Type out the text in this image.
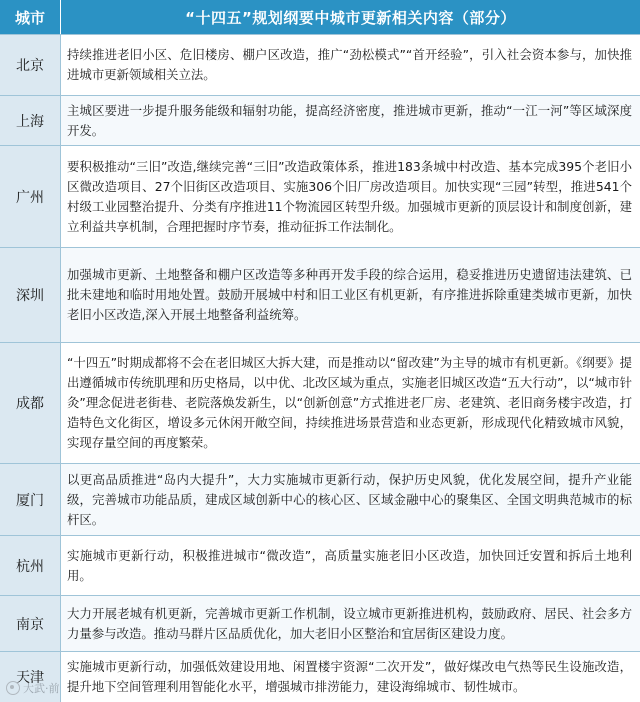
城市	“十四五”规划纲要中城市更新相关内容（部分）
北京
持续推进老旧小区、危旧楼房、棚户区改造，推广“劲松模式”“首开经验”，引入社会资本参与，加快推进城市更新领域相关立法。
上海
主城区要进一步提升服务能级和辐射功能，提高经济密度，推进城市更新，推动“一江一河”等区域深度开发。
广州
要积极推动“三旧”改造,继续完善“三旧”改造政策体系，推进183条城中村改造、基本完成395个老旧小区微改造项目、27个旧街区改造项目、实施306个旧厂房改造项目。加快实现“三园”转型，推进541个村级工业园整治提升、分类有序推进11个物流园区转型升级。加强城市更新的顶层设计和制度创新，建立利益共享机制，合理把握时序节奏，推动征拆工作法制化。
深圳
加强城市更新、土地整备和棚户区改造等多种再开发手段的综合运用，稳妥推进历史遗留违法建筑、已批未建地和临时用地处置。鼓励开展城中村和旧工业区有机更新，有序推进拆除重建类城市更新，加快老旧小区改造,深入开展土地整备利益统筹。
成都
“十四五”时期成都将不会在老旧城区大拆大建，而是推动以“留改建”为主导的城市有机更新。《纲要》提出遵循城市传统肌理和历史格局，以中优、北改区域为重点，实施老旧城区改造“五大行动”，以“城市针灸”理念促进老街巷、老院落焕发新生，以“创新创意”方式推进老厂房、老建筑、老旧商务楼宇改造，打造特色文化街区，增设多元休闲开敞空间，持续推进场景营造和业态更新，形成现代化精致城市风貌，实现存量空间的再度繁荣。
厦门
以更高品质推进“岛内大提升”，大力实施城市更新行动，保护历史风貌，优化发展空间，提升产业能级，完善城市功能品质，建成区域创新中心的核心区、区域金融中心的聚集区、全国文明典范城市的标杆区。
杭州
实施城市更新行动，积极推进城市“微改造”，高质量实施老旧小区改造，加快回迁安置和拆后土地利用。
南京
大力开展老城有机更新，完善城市更新工作机制，设立城市更新推进机构，鼓励政府、居民、社会多方力量参与改造。推动马群片区品质优化，加大老旧小区整治和宜居街区建设力度。
天津
实施城市更新行动，加强低效建设用地、闲置楼宇资源“二次开发”，做好煤改电气热等民生设施改造，提升地下空间管理利用智能化水平，增强城市排涝能力，建设海绵城市、韧性城市。
大武·前
